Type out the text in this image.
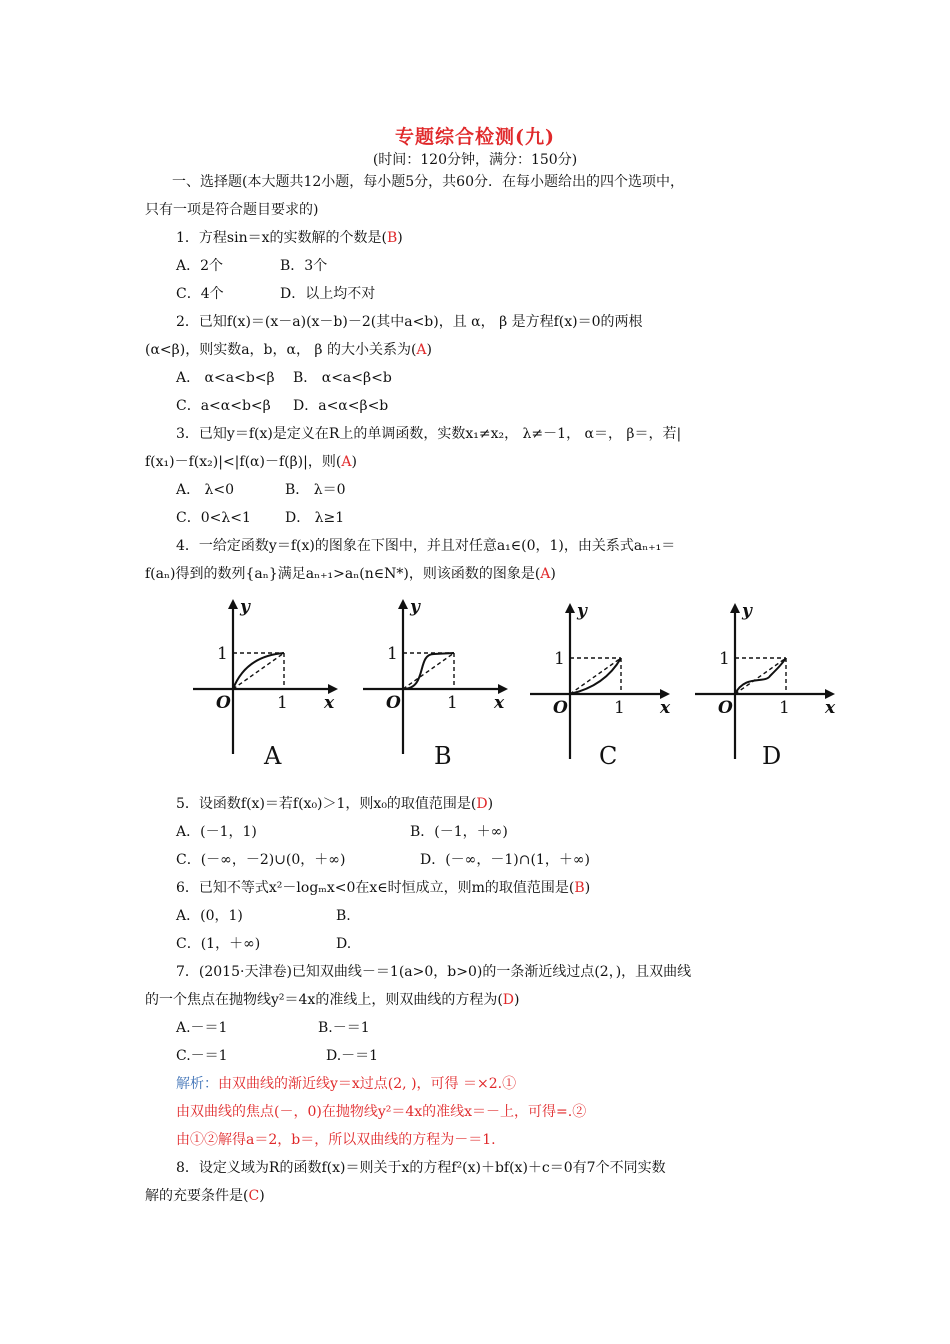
专题综合检测(九)
(时间：120分钟，满分：150分)
一、选择题(本大题共12小题，每小题5分，共60分．在每小题给出的四个选项中，
只有一项是符合题目要求的)
1．方程sin＝x的实数解的个数是(B)
A．2个	B．3个
C．4个	D．以上均不对
2．已知f(x)＝(x－a)(x－b)－2(其中a<b)，且 α， β 是方程f(x)＝0的两根
(α<β)，则实数a，b，α， β 的大小关系为(A)
A． α<a<b<β B． α<a<β<b
C．a<α<b<β D．a<α<β<b
3．已知y＝f(x)是定义在R上的单调函数，实数x₁≠x₂， λ≠－1， α＝， β＝，若|
f(x₁)－f(x₂)|<|f(α)－f(β)|，则(A)
A． λ<0	B． λ＝0
C．0<λ<1 D． λ≥1
4．一给定函数y＝f(x)的图象在下图中，并且对任意a₁∈(0，1)，由关系式aₙ₊₁＝
f(aₙ)得到的数列{aₙ}满足aₙ₊₁>aₙ(n∈N*)，则该函数的图象是(A)
y
x
O
1
1
A
y
x
O
1
1
B
y
x
O
1
1
C
y
x
O
1
1
D
5．设函数f(x)＝若f(x₀)＞1，则x₀的取值范围是(D)
A．(－1，1)	B．(－1，＋∞)
C．(－∞，－2)∪(0，＋∞)	D．(－∞，－1)∩(1，＋∞)
6．已知不等式x²－logₘx<0在x∈时恒成立，则m的取值范围是(B)
A．(0，1)	B.
C．(1，＋∞)	D.
7．(2015·天津卷)已知双曲线－＝1(a>0，b>0)的一条渐近线过点(2，)，且双曲线
的一个焦点在抛物线y²＝4x的准线上，则双曲线的方程为(D)
A.－＝1	B.－＝1
C.－＝1	D.－＝1
解析：由双曲线的渐近线y＝x过点(2, )，可得 ＝×2.①
由双曲线的焦点(－，0)在抛物线y²＝4x的准线x＝－上，可得=.②
由①②解得a＝2，b＝，所以双曲线的方程为－＝1.
8．设定义域为R的函数f(x)＝则关于x的方程f²(x)＋bf(x)＋c＝0有7个不同实数
解的充要条件是(C)
